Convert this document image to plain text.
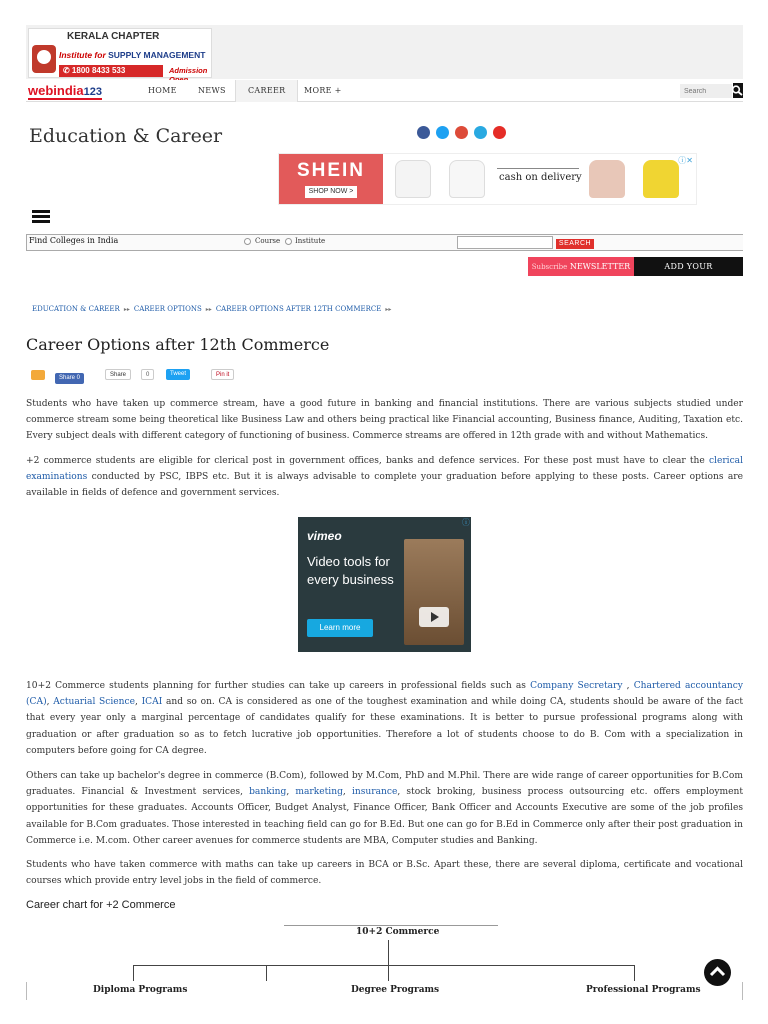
KERALA CHAPTER
Institute for SUPPLY MANAGEMENT
✆ 1800 8433 533	Admission
webindia123	HOME	NEWS	CAREER	MORE +
Search
Education & Career
SHEIN
SHOP NOW >
cash on delivery
ⓘ✕
Find Colleges in India	Course Institute	SEARCH
Subscribe NEWSLETTER	ADD YOUR INSTITUTION
EDUCATION & CAREER ▸▸ CAREER OPTIONS ▸▸ CAREER OPTIONS AFTER 12TH COMMERCE ▸▸
Career Options after 12th Commerce
Share 0	Share	0	Tweet	Pin it

Students who have taken up commerce stream, have a good future in banking and financial institutions. There are various subjects studied under commerce stream some being theoretical like Business Law and others being practical like Financial accounting, Business finance, Auditing, Taxation etc. Every subject deals with different category of functioning of business. Commerce streams are offered in 12th grade with and without Mathematics.

+2 commerce students are eligible for clerical post in government offices, banks and defence services. For these post must have to clear the clerical examinations conducted by PSC, IBPS etc. But it is always advisable to complete your graduation before applying to these posts. Career options are available in fields of defence and government services.

vimeo
Video tools for every business
Learn more
ⓘ

10+2 Commerce students planning for further studies can take up careers in professional fields such as Company Secretary , Chartered accountancy (CA), Actuarial Science, ICAI and so on. CA is considered as one of the toughest examination and while doing CA, students should be aware of the fact that every year only a marginal percentage of candidates qualify for these examinations. It is better to pursue professional programs along with graduation or after graduation so as to fetch lucrative job opportunities. Therefore a lot of students choose to do B. Com with a specialization in computers before going for CA degree.

Others can take up bachelor's degree in commerce (B.Com), followed by M.Com, PhD and M.Phil. There are wide range of career opportunities for B.Com graduates. Financial & Investment services, banking, marketing, insurance, stock broking, business process outsourcing etc. offers employment opportunities for these graduates. Accounts Officer, Budget Analyst, Finance Officer, Bank Officer and Accounts Executive are some of the job profiles available for B.Com graduates. Those interested in teaching field can go for B.Ed. But one can go for B.Ed in Commerce only after their post graduation in Commerce i.e. M.com. Other career avenues for commerce students are MBA, Computer studies and Banking.

Students who have taken commerce with maths can take up careers in BCA or B.Sc. Apart these, there are several diploma, certificate and vocational courses which provide entry level jobs in the field of commerce.

Career chart for +2 Commerce
10+2 Commerce
Diploma Programs	Degree Programs	Professional Programs
